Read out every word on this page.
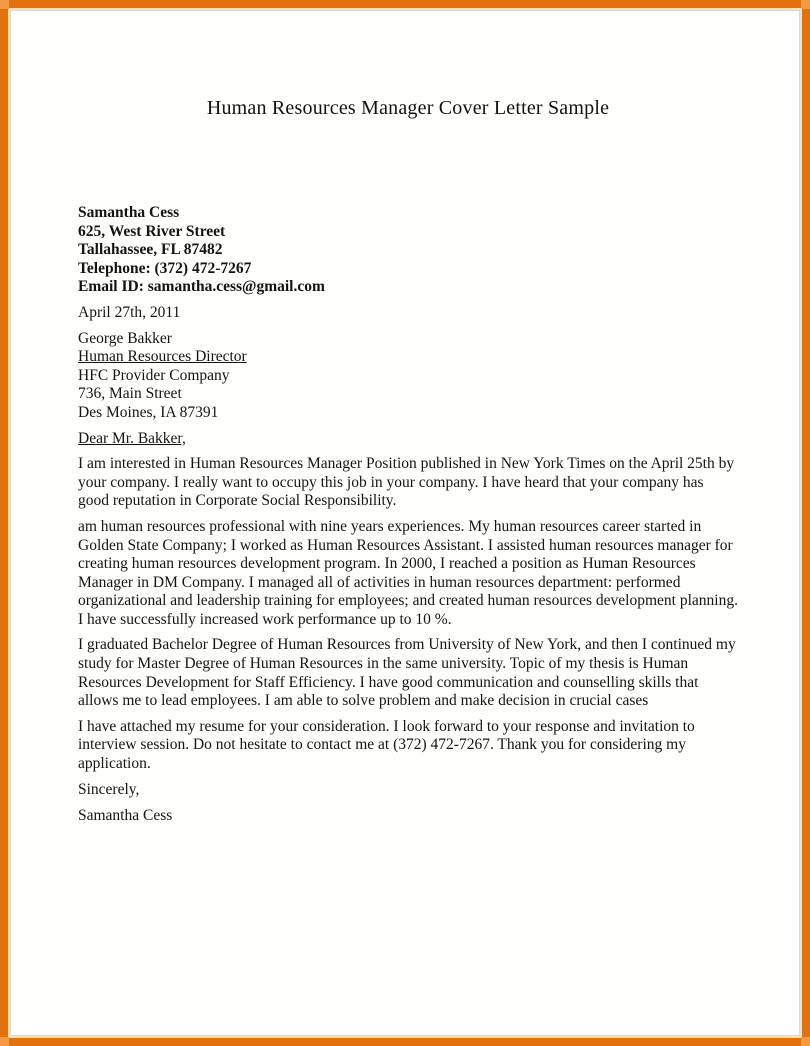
Human Resources Manager Cover Letter Sample
Samantha Cess
625, West River Street
Tallahassee, FL 87482
Telephone: (372) 472-7267
Email ID: samantha.cess@gmail.com
April 27th, 2011
George Bakker
Human Resources Director
HFC Provider Company
736, Main Street
Des Moines, IA 87391
Dear Mr. Bakker,

I am interested in Human Resources Manager Position published in New York Times on the April 25th by your company. I really want to occupy this job in your company. I have heard that your company has good reputation in Corporate Social Responsibility.

am human resources professional with nine years experiences. My human resources career started in Golden State Company; I worked as Human Resources Assistant. I assisted human resources manager for creating human resources development program. In 2000, I reached a position as Human Resources Manager in DM Company. I managed all of activities in human resources department: performed organizational and leadership training for employees; and created human resources development planning. I have successfully increased work performance up to 10 %.

I graduated Bachelor Degree of Human Resources from University of New York, and then I continued my study for Master Degree of Human Resources in the same university. Topic of my thesis is Human Resources Development for Staff Efficiency. I have good communication and counselling skills that allows me to lead employees. I am able to solve problem and make decision in crucial cases

I have attached my resume for your consideration. I look forward to your response and invitation to interview session. Do not hesitate to contact me at (372) 472-7267. Thank you for considering my application.

Sincerely,
Samantha Cess
